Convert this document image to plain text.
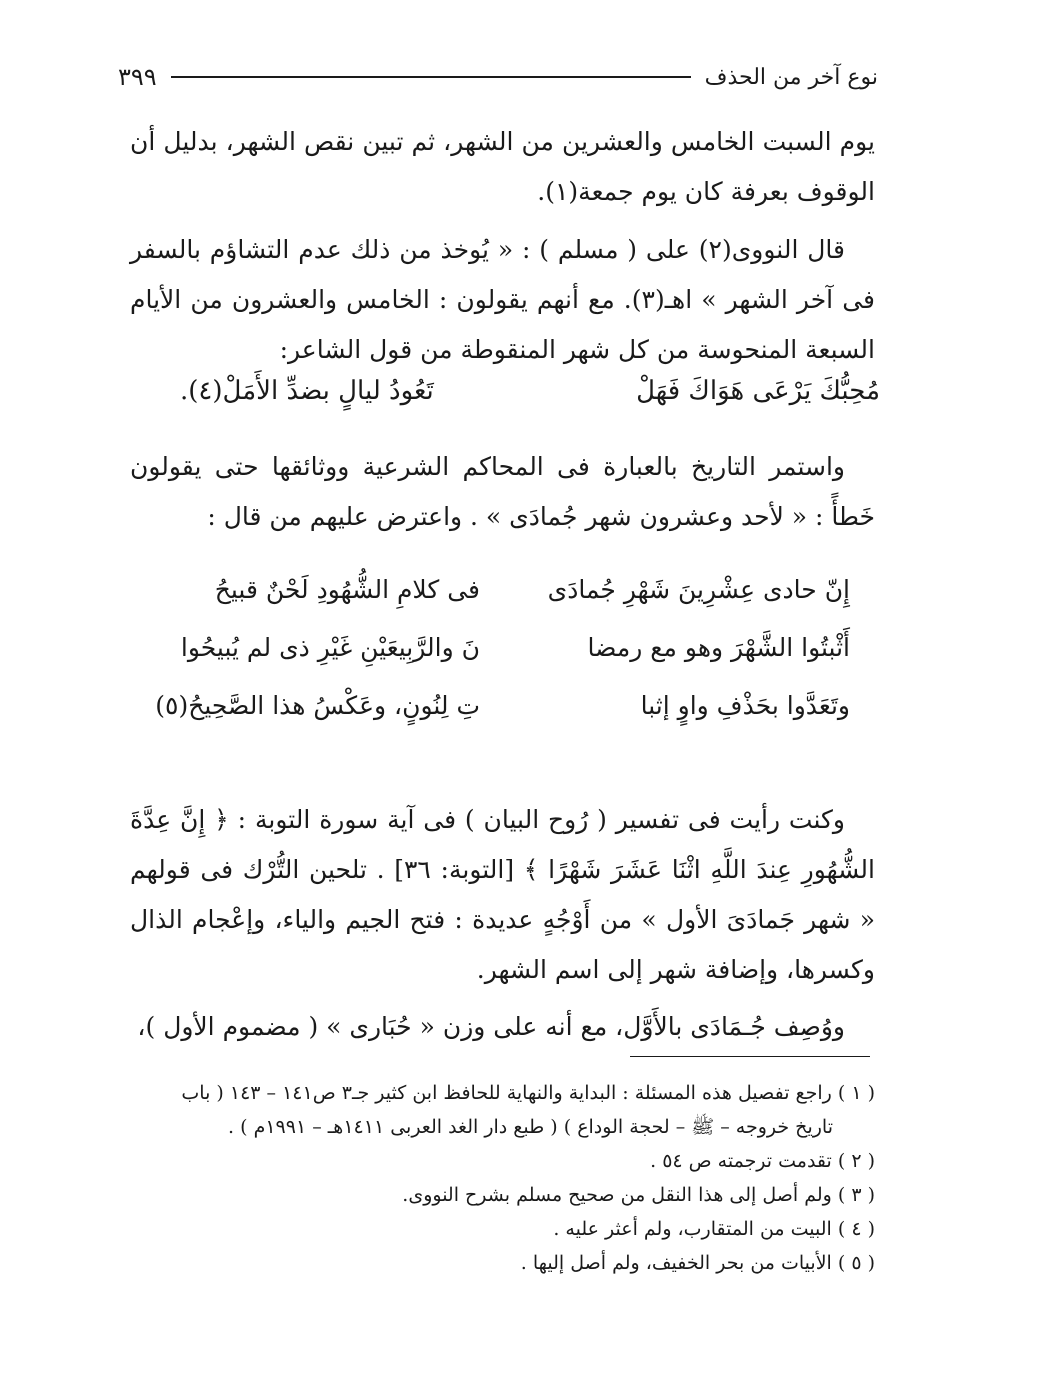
نوع آخر من الحذف
٣٩٩
يوم السبت الخامس والعشرين من الشهر، ثم تبين نقص الشهر، بدليل أن الوقوف بعرفة كان يوم جمعة(١).
قال النووى(٢) على ( مسلم ) : « يُوخذ من ذلك عدم التشاؤم بالسفر فى آخر الشهر » اهـ(٣). مع أنهم يقولون : الخامس والعشرون من الأيام السبعة المنحوسة من كل شهر المنقوطة من قول الشاعر:
مُحِبُّكَ يَرْعَى هَوَاكَ فَهَلْ
تَعُودُ ليالٍ بضدِّ الأَمَلْ(٤).
واستمر التاريخ بالعبارة فى المحاكم الشرعية ووثائقها حتى يقولون خَطأً : « لأحد وعشرون شهر جُمادَى » . واعترض عليهم من قال :
إِنّ حادى عِشْرِينَ شَهْرِ جُمادَى
فى كلامِ الشُّهُودِ لَحْنٌ قبيحُ
أَثْبتُوا الشَّهْرَ وهو مع رمضا
نَ والرَّبِيعَيْنِ غَيْرِ ذى لم يُبيحُوا
وتَعَدَّوا بحَذْفِ واوٍ إثبا
تِ لِنُونٍ، وعَكْسُ هذا الصَّحِيحُ(٥)
وكنت رأيت فى تفسير ( رُوح البيان ) فى آية سورة التوبة : ﴿ إِنَّ عِدَّةَ الشُّهُورِ عِندَ اللَّهِ اثْنَا عَشَرَ شَهْرًا ﴾ [التوبة: ٣٦] . تلحين التُّرْك فى قولهم « شهر جَمادَىَ الأول » من أَوْجُهٍ عديدة : فتح الجيم والياء، وإعْجام الذال وكسرها، وإضافة شهر إلى اسم الشهر.
ووُصِف جُـمَادَى بالأَوَّل، مع أنه على وزن « حُبَارى » ( مضموم الأول )،
( ١ ) راجع تفصيل هذه المسئلة : البداية والنهاية للحافظ ابن كثير جـ٣ ص١٤١ – ١٤٣ ( باب
تاريخ خروجه – ﷺ – لحجة الوداع ) ( طبع دار الغد العربى ١٤١١هـ – ١٩٩١م ) .
( ٢ ) تقدمت ترجمته ص ٥٤ .
( ٣ ) ولم أصل إلى هذا النقل من صحيح مسلم بشرح النووى.
( ٤ ) البيت من المتقارب، ولم أعثر عليه .
( ٥ ) الأبيات من بحر الخفيف، ولم أصل إليها .
